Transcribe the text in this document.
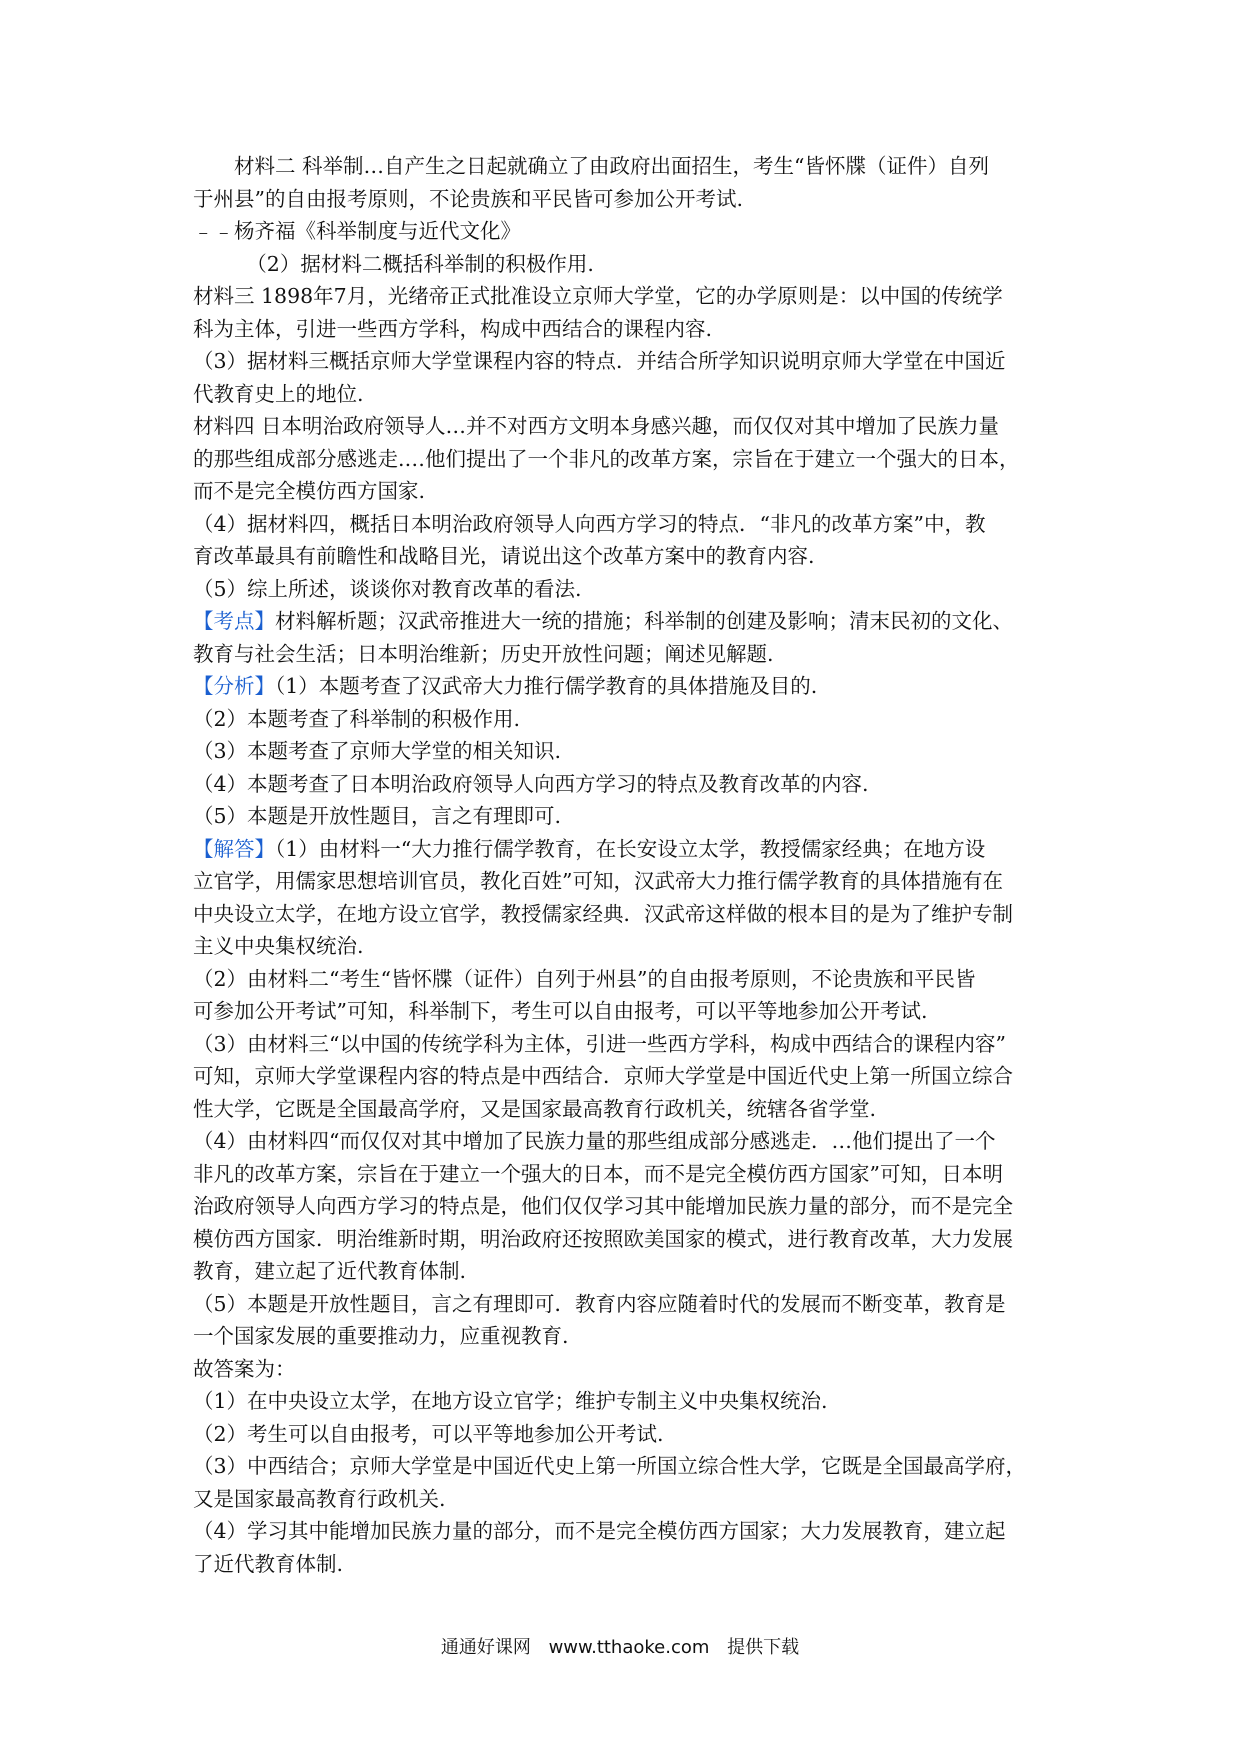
材料二 科举制…自产生之日起就确立了由政府出面招生，考生“皆怀牒（证件）自列
于州县”的自由报考原则，不论贵族和平民皆可参加公开考试.
﹣﹣杨齐福《科举制度与近代文化》
（2）据材料二概括科举制的积极作用.
材料三 1898年7月，光绪帝正式批准设立京师大学堂，它的办学原则是：以中国的传统学
科为主体，引进一些西方学科，构成中西结合的课程内容.
（3）据材料三概括京师大学堂课程内容的特点．并结合所学知识说明京师大学堂在中国近
代教育史上的地位.
材料四 日本明治政府领导人…并不对西方文明本身感兴趣，而仅仅对其中增加了民族力量
的那些组成部分感逃走.…他们提出了一个非凡的改革方案，宗旨在于建立一个强大的日本，
而不是完全模仿西方国家.
（4）据材料四，概括日本明治政府领导人向西方学习的特点．“非凡的改革方案”中，教
育改革最具有前瞻性和战略目光，请说出这个改革方案中的教育内容.
（5）综上所述，谈谈你对教育改革的看法.
【考点】材料解析题；汉武帝推进大一统的措施；科举制的创建及影响；清末民初的文化、
教育与社会生活；日本明治维新；历史开放性问题；阐述见解题.
【分析】（1）本题考查了汉武帝大力推行儒学教育的具体措施及目的.
（2）本题考查了科举制的积极作用.
（3）本题考查了京师大学堂的相关知识.
（4）本题考查了日本明治政府领导人向西方学习的特点及教育改革的内容.
（5）本题是开放性题目，言之有理即可.
【解答】（1）由材料一“大力推行儒学教育，在长安设立太学，教授儒家经典；在地方设
立官学，用儒家思想培训官员，教化百姓”可知，汉武帝大力推行儒学教育的具体措施有在
中央设立太学，在地方设立官学，教授儒家经典．汉武帝这样做的根本目的是为了维护专制
主义中央集权统治.
（2）由材料二“考生“皆怀牒（证件）自列于州县”的自由报考原则，不论贵族和平民皆
可参加公开考试”可知，科举制下，考生可以自由报考，可以平等地参加公开考试.
（3）由材料三“以中国的传统学科为主体，引进一些西方学科，构成中西结合的课程内容”
可知，京师大学堂课程内容的特点是中西结合．京师大学堂是中国近代史上第一所国立综合
性大学，它既是全国最高学府，又是国家最高教育行政机关，统辖各省学堂.
（4）由材料四“而仅仅对其中增加了民族力量的那些组成部分感逃走．…他们提出了一个
非凡的改革方案，宗旨在于建立一个强大的日本，而不是完全模仿西方国家”可知，日本明
治政府领导人向西方学习的特点是，他们仅仅学习其中能增加民族力量的部分，而不是完全
模仿西方国家．明治维新时期，明治政府还按照欧美国家的模式，进行教育改革，大力发展
教育，建立起了近代教育体制.
（5）本题是开放性题目，言之有理即可．教育内容应随着时代的发展而不断变革，教育是
一个国家发展的重要推动力，应重视教育.
故答案为：
（1）在中央设立太学，在地方设立官学；维护专制主义中央集权统治.
（2）考生可以自由报考，可以平等地参加公开考试.
（3）中西结合；京师大学堂是中国近代史上第一所国立综合性大学，它既是全国最高学府，
又是国家最高教育行政机关.
（4）学习其中能增加民族力量的部分，而不是完全模仿西方国家；大力发展教育，建立起
了近代教育体制.
通通好课网 www.tthaoke.com 提供下载
